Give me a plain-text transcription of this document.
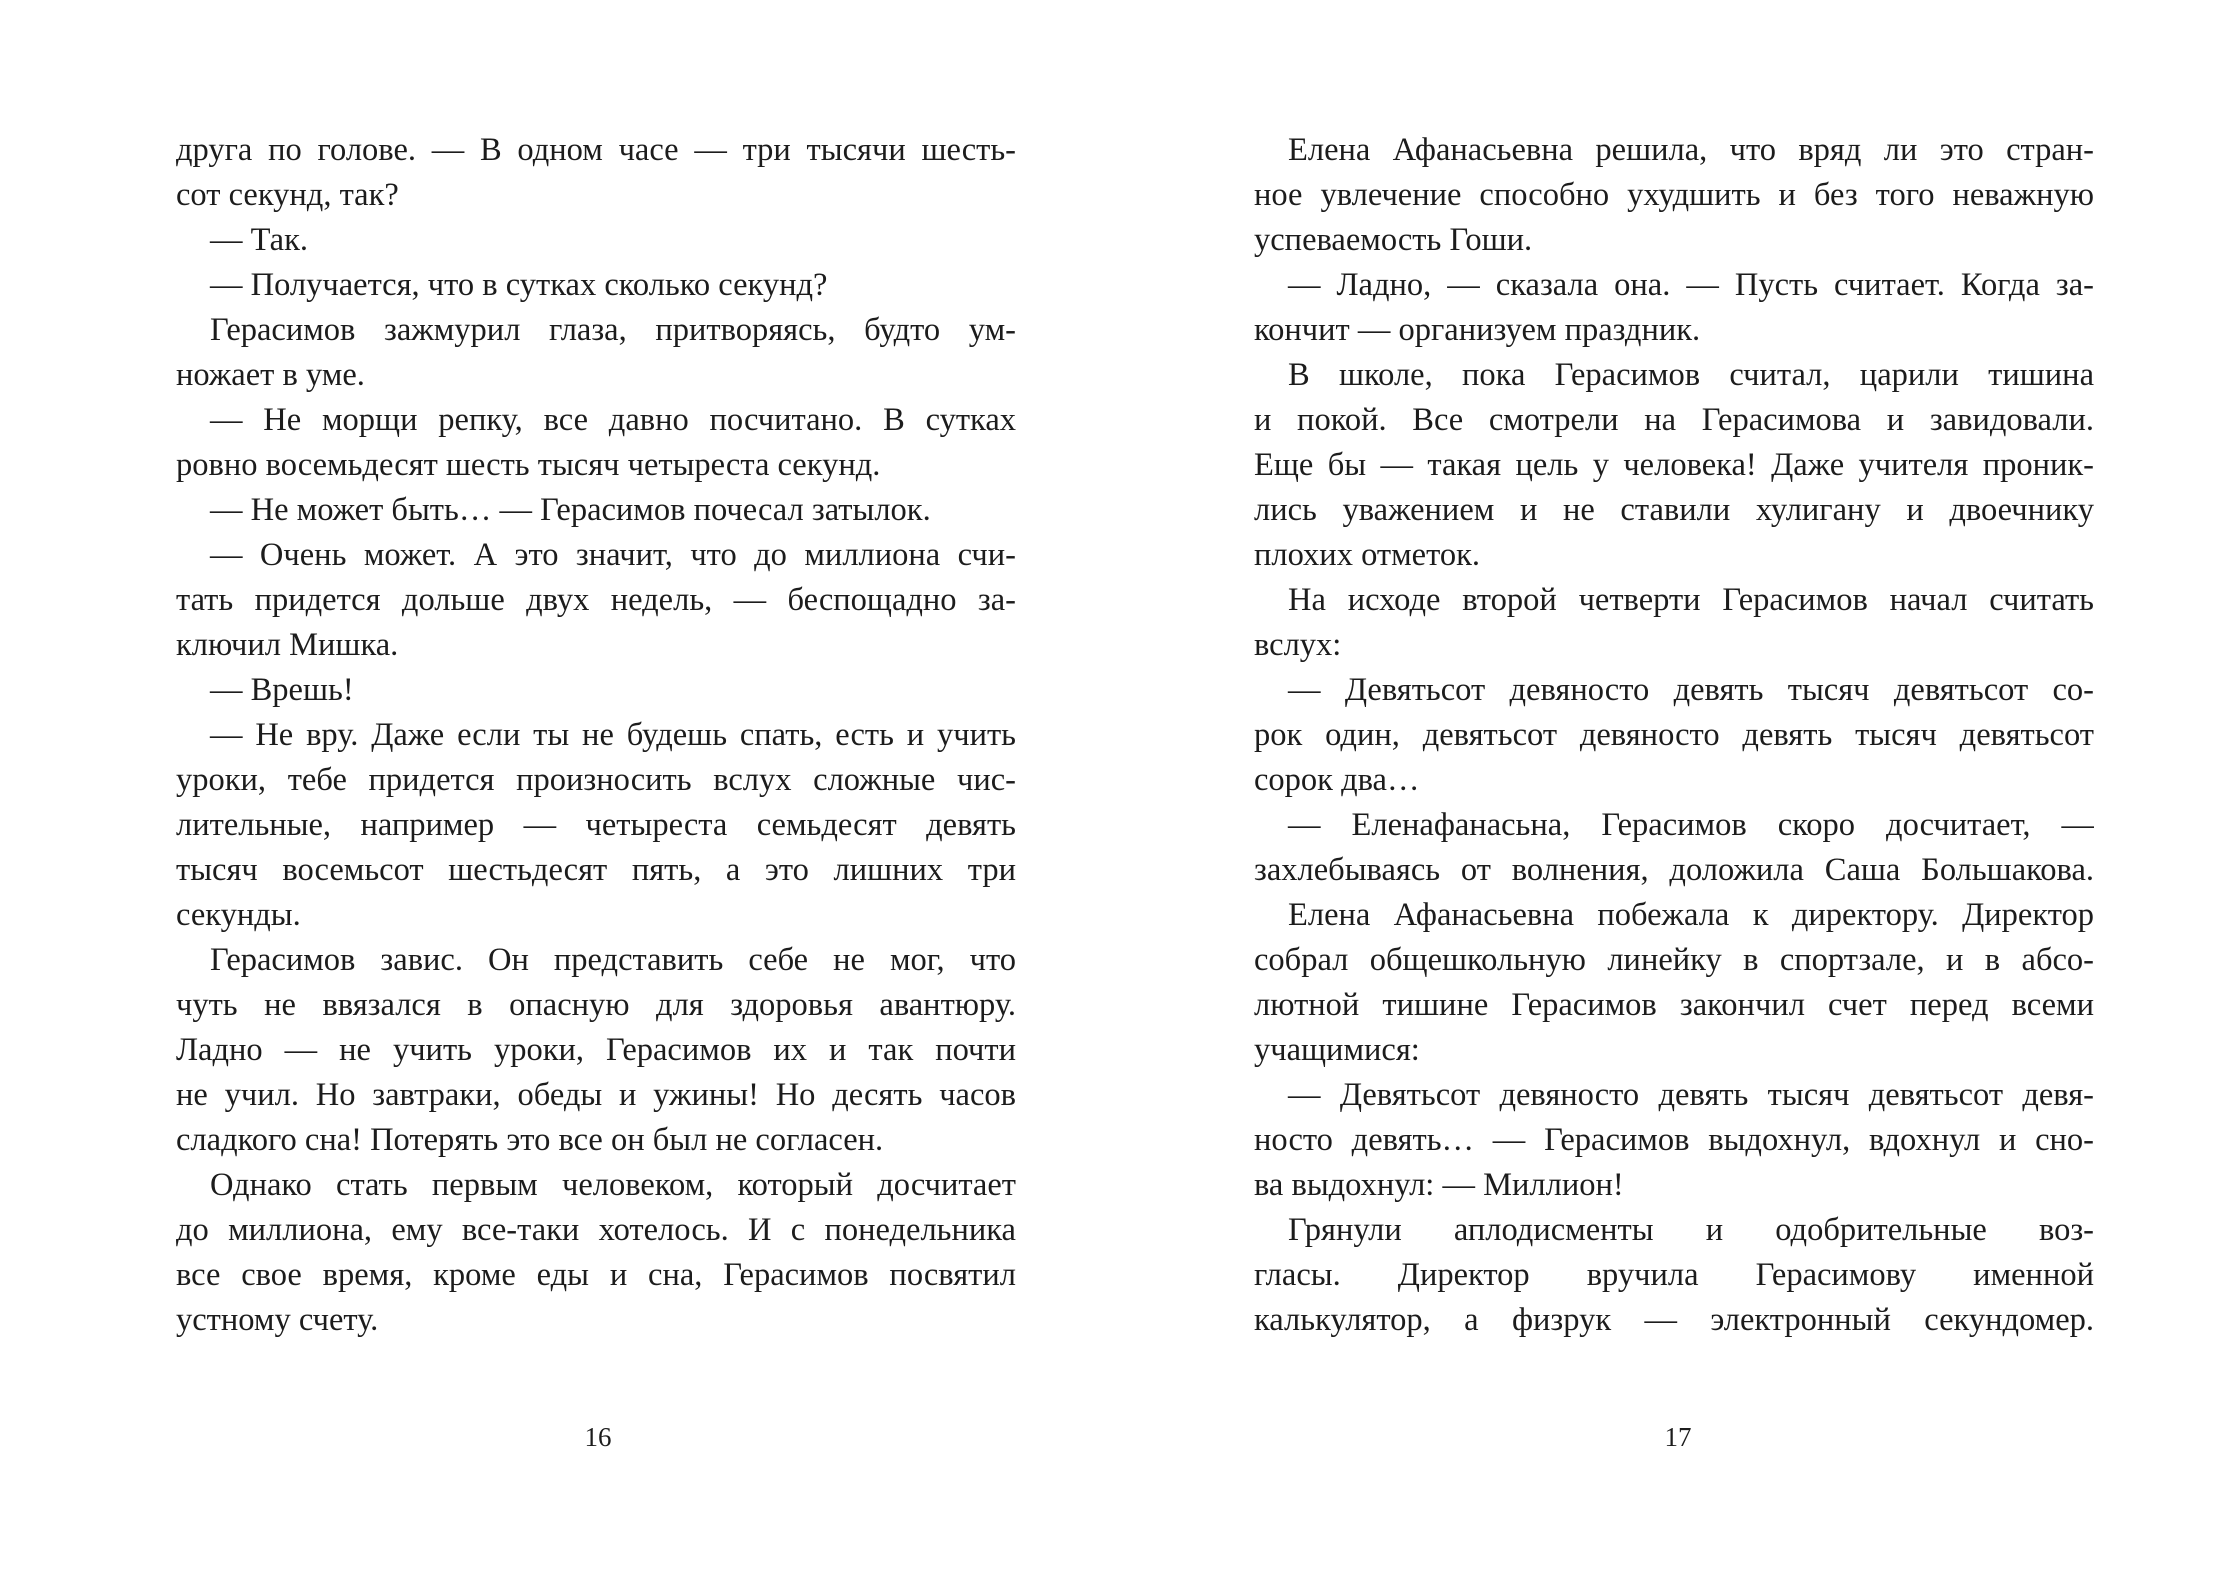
друга по голове. — В одном часе — три тысячи шесть-
сот секунд, так?
— Так.
— Получается, что в сутках сколько секунд?
Герасимов зажмурил глаза, притворяясь, будто ум-
ножает в уме.
— Не морщи репку, все давно посчитано. В сутках
ровно восемьдесят шесть тысяч четыреста секунд.
— Не может быть… — Герасимов почесал затылок.
— Очень может. А это значит, что до миллиона счи-
тать придется дольше двух недель, — беспощадно за-
ключил Мишка.
— Врешь!
— Не вру. Даже если ты не будешь спать, есть и учить
уроки, тебе придется произносить вслух сложные чис-
лительные, например — четыреста семьдесят девять
тысяч восемьсот шестьдесят пять, а это лишних три
секунды.
Герасимов завис. Он представить себе не мог, что
чуть не ввязался в опасную для здоровья авантюру.
Ладно — не учить уроки, Герасимов их и так почти
не учил. Но завтраки, обеды и ужины! Но десять часов
сладкого сна! Потерять это все он был не согласен.
Однако стать первым человеком, который досчитает
до миллиона, ему все-таки хотелось. И с понедельника
все свое время, кроме еды и сна, Герасимов посвятил
устному счету.
Елена Афанасьевна решила, что вряд ли это стран-
ное увлечение способно ухудшить и без того неважную
успеваемость Гоши.
— Ладно, — сказала она. — Пусть считает. Когда за-
кончит — организуем праздник.
В школе, пока Герасимов считал, царили тишина
и покой. Все смотрели на Герасимова и завидовали.
Еще бы — такая цель у человека! Даже учителя проник-
лись уважением и не ставили хулигану и двоечнику
плохих отметок.
На исходе второй четверти Герасимов начал считать
вслух:
— Девятьсот девяносто девять тысяч девятьсот со-
рок один, девятьсот девяносто девять тысяч девятьсот
сорок два…
— Еленафанасьна, Герасимов скоро досчитает, —
захлебываясь от волнения, доложила Саша Большакова.
Елена Афанасьевна побежала к директору. Директор
собрал общешкольную линейку в спортзале, и в абсо-
лютной тишине Герасимов закончил счет перед всеми
учащимися:
— Девятьсот девяносто девять тысяч девятьсот девя-
носто девять… — Герасимов выдохнул, вдохнул и сно-
ва выдохнул: — Миллион!
Грянули аплодисменты и одобрительные воз-
гласы. Директор вручила Герасимову именной
калькулятор, а физрук — электронный секундомер.
16	17
